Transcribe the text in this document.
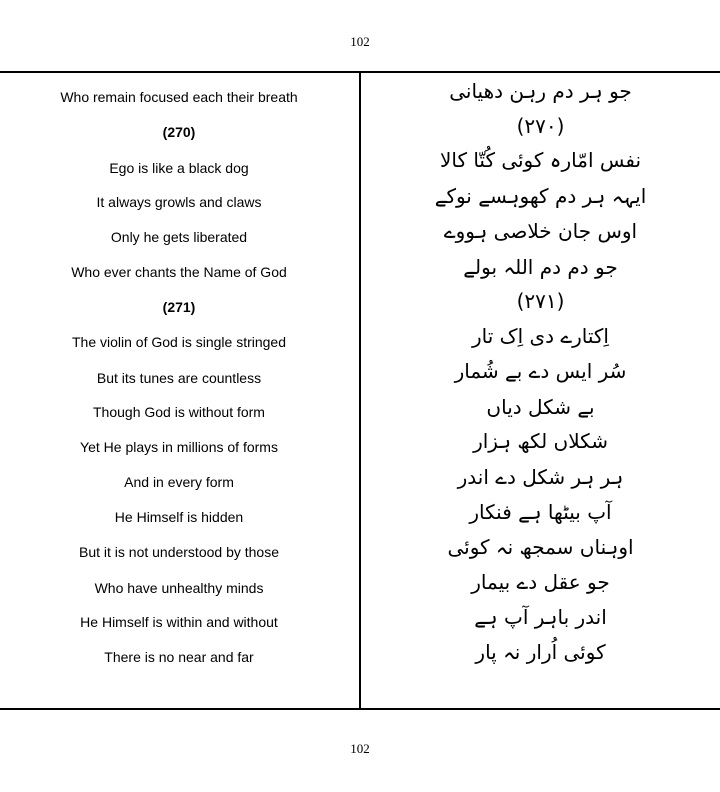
102
Who remain focused each their breath
(270)
Ego is like a black dog
It always growls and claws
Only he gets liberated
Who ever chants the Name of God
(271)
The violin of God is single stringed
But its tunes are countless
Though God is without form
Yet He plays in millions of forms
And in every form
He Himself is hidden
But it is not understood by those
Who have unhealthy minds
He Himself is within and without
There is no near and far
جو ہر دم رہن دھیانی
(۲۷۰)
نفس امّارہ کوئی کُتّا کالا
ایہہ ہر دم کھوہسے نوکے
اوس جان خلاصی ہووے
جو دم دم اللہ بولے
(۲۷۱)
اِکتارے دی اِک تار
سُر ایس دے بے شُمار
بے شکل دیاں
شکلاں لکھ ہزار
ہر ہر شکل دے اندر
آپ بیٹھا ہے فنکار
اوہناں سمجھ نہ کوئی
جو عقل دے بیمار
اندر باہر آپ ہے
کوئی اُرار نہ پار
102
